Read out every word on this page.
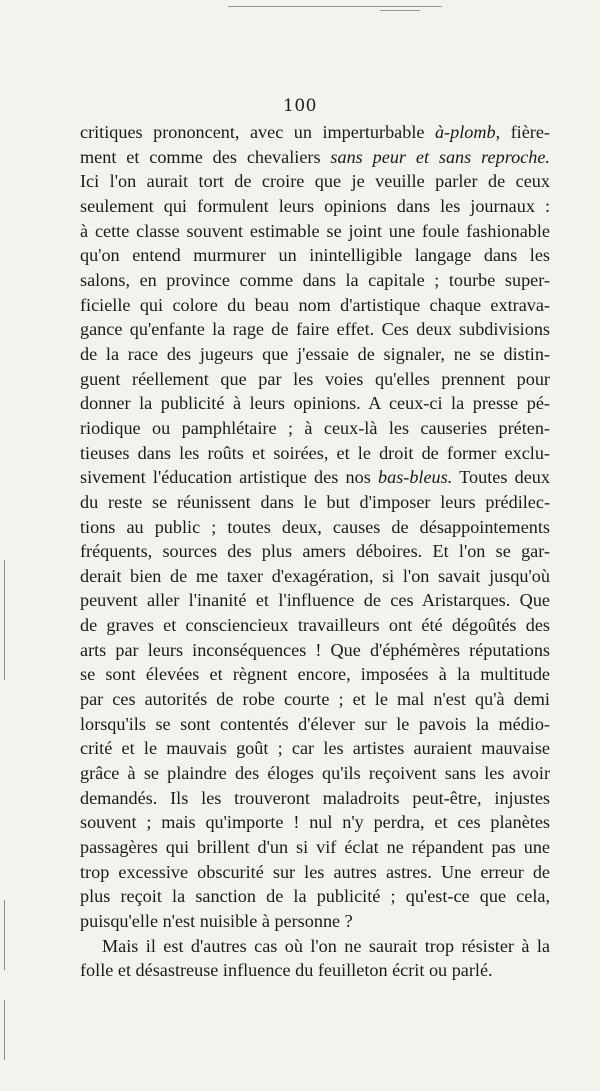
100
critiques prononcent, avec un imperturbable à-plomb, fière-
ment et comme des chevaliers sans peur et sans reproche.
Ici l'on aurait tort de croire que je veuille parler de ceux
seulement qui formulent leurs opinions dans les journaux :
à cette classe souvent estimable se joint une foule fashionable
qu'on entend murmurer un inintelligible langage dans les
salons, en province comme dans la capitale ; tourbe super-
ficielle qui colore du beau nom d'artistique chaque extrava-
gance qu'enfante la rage de faire effet. Ces deux subdivisions
de la race des jugeurs que j'essaie de signaler, ne se distin-
guent réellement que par les voies qu'elles prennent pour
donner la publicité à leurs opinions. A ceux-ci la presse pé-
riodique ou pamphlétaire ; à ceux-là les causeries préten-
tieuses dans les roûts et soirées, et le droit de former exclu-
sivement l'éducation artistique des nos bas-bleus. Toutes deux
du reste se réunissent dans le but d'imposer leurs prédilec-
tions au public ; toutes deux, causes de désappointements
fréquents, sources des plus amers déboires. Et l'on se gar-
derait bien de me taxer d'exagération, si l'on savait jusqu'où
peuvent aller l'inanité et l'influence de ces Aristarques. Que
de graves et consciencieux travailleurs ont été dégoûtés des
arts par leurs inconséquences ! Que d'éphémères réputations
se sont élevées et règnent encore, imposées à la multitude
par ces autorités de robe courte ; et le mal n'est qu'à demi
lorsqu'ils se sont contentés d'élever sur le pavois la médio-
crité et le mauvais goût ; car les artistes auraient mauvaise
grâce à se plaindre des éloges qu'ils reçoivent sans les avoir
demandés. Ils les trouveront maladroits peut-être, injustes
souvent ; mais qu'importe ! nul n'y perdra, et ces planètes
passagères qui brillent d'un si vif éclat ne répandent pas une
trop excessive obscurité sur les autres astres. Une erreur de
plus reçoit la sanction de la publicité ; qu'est-ce que cela,
puisqu'elle n'est nuisible à personne ?
Mais il est d'autres cas où l'on ne saurait trop résister à la
folle et désastreuse influence du feuilleton écrit ou parlé.
